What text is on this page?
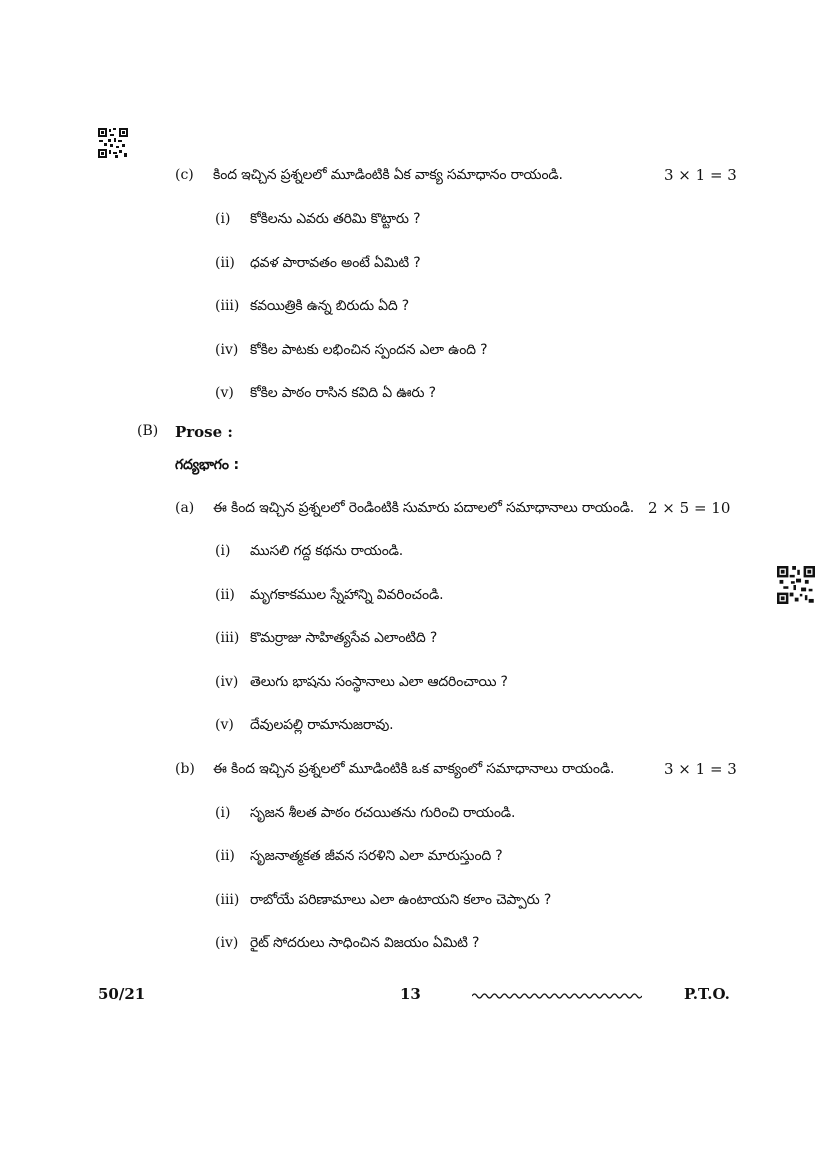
(c) కింద ఇచ్చిన ప్రశ్నలలో మూడింటికి ఏక వాక్య సమాధానం రాయండి.	3 × 1 = 3
(i) కోకిలను ఎవరు తరిమి కొట్టారు ?
(ii) ధవళ పారావతం అంటే ఏమిటి ?
(iii) కవయిత్రికి ఉన్న బిరుదు ఏది ?
(iv) కోకిల పాటకు లభించిన స్పందన ఎలా ఉంది ?
(v) కోకిల పాఠం రాసిన కవిది ఏ ఊరు ?
(B) Prose :
గద్యభాగం :
(a) ఈ కింద ఇచ్చిన ప్రశ్నలలో రెండింటికి సుమారు పదాలలో సమాధానాలు రాయండి. 2 × 5 = 10
(i) ముసలి గద్ద కథను రాయండి.
(ii) మృగకాకముల స్నేహాన్ని వివరించండి.
(iii) కొమర్రాజు సాహిత్యసేవ ఎలాంటిది ?
(iv) తెలుగు భాషను సంస్థానాలు ఎలా ఆదరించాయి ?
(v) దేవులపల్లి రామానుజరావు.
(b) ఈ కింద ఇచ్చిన ప్రశ్నలలో మూడింటికి ఒక వాక్యంలో సమాధానాలు రాయండి.	3 × 1 = 3
(i) సృజన శీలత పాఠం రచయితను గురించి రాయండి.
(ii) సృజనాత్మకత జీవన సరళిని ఎలా మారుస్తుంది ?
(iii) రాబోయే పరిణామాలు ఎలా ఉంటాయని కలాం చెప్పారు ?
(iv) రైట్ సోదరులు సాధించిన విజయం ఏమిటి ?
50/21	13	P.T.O.
